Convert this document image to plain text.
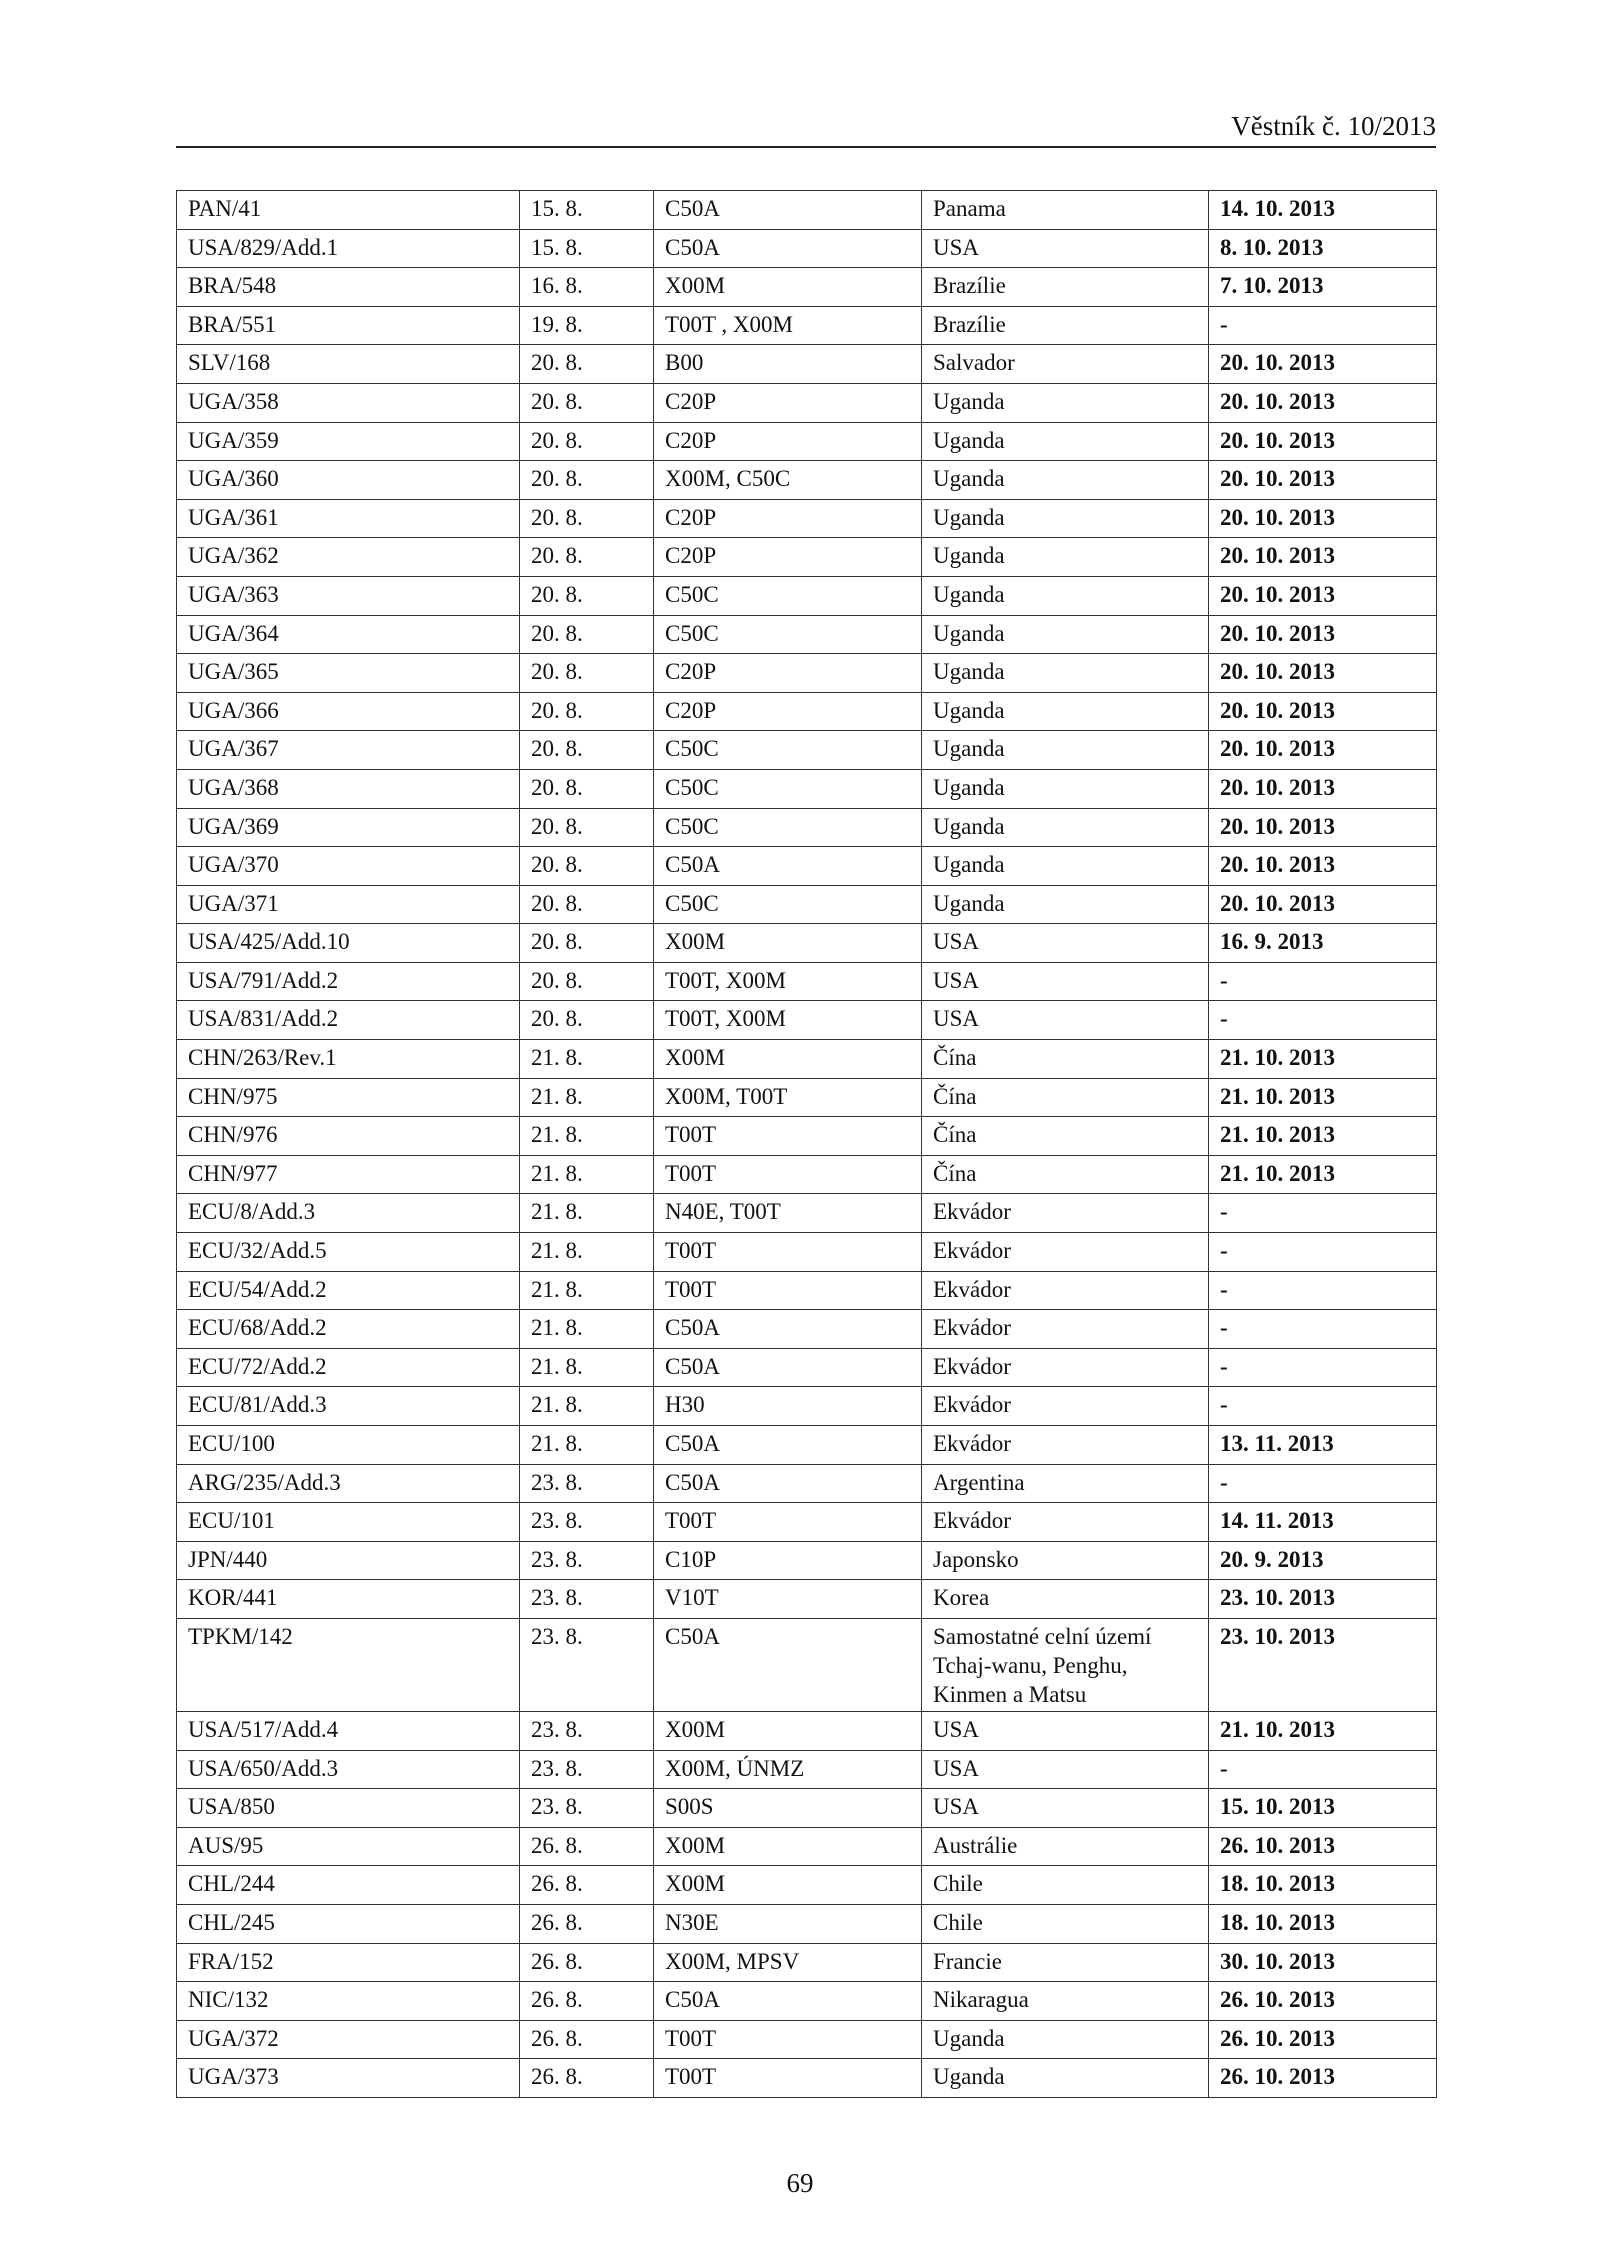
Věstník č. 10/2013
PAN/41	15. 8.	C50A	Panama	14. 10. 2013
USA/829/Add.1	15. 8.	C50A	USA	8. 10. 2013
BRA/548	16. 8.	X00M	Brazílie	7. 10. 2013
BRA/551	19. 8.	T00T , X00M	Brazílie	-
SLV/168	20. 8.	B00	Salvador	20. 10. 2013
UGA/358	20. 8.	C20P	Uganda	20. 10. 2013
UGA/359	20. 8.	C20P	Uganda	20. 10. 2013
UGA/360	20. 8.	X00M, C50C	Uganda	20. 10. 2013
UGA/361	20. 8.	C20P	Uganda	20. 10. 2013
UGA/362	20. 8.	C20P	Uganda	20. 10. 2013
UGA/363	20. 8.	C50C	Uganda	20. 10. 2013
UGA/364	20. 8.	C50C	Uganda	20. 10. 2013
UGA/365	20. 8.	C20P	Uganda	20. 10. 2013
UGA/366	20. 8.	C20P	Uganda	20. 10. 2013
UGA/367	20. 8.	C50C	Uganda	20. 10. 2013
UGA/368	20. 8.	C50C	Uganda	20. 10. 2013
UGA/369	20. 8.	C50C	Uganda	20. 10. 2013
UGA/370	20. 8.	C50A	Uganda	20. 10. 2013
UGA/371	20. 8.	C50C	Uganda	20. 10. 2013
USA/425/Add.10	20. 8.	X00M	USA	16. 9. 2013
USA/791/Add.2	20. 8.	T00T, X00M	USA	-
USA/831/Add.2	20. 8.	T00T, X00M	USA	-
CHN/263/Rev.1	21. 8.	X00M	Čína	21. 10. 2013
CHN/975	21. 8.	X00M, T00T	Čína	21. 10. 2013
CHN/976	21. 8.	T00T	Čína	21. 10. 2013
CHN/977	21. 8.	T00T	Čína	21. 10. 2013
ECU/8/Add.3	21. 8.	N40E, T00T	Ekvádor	-
ECU/32/Add.5	21. 8.	T00T	Ekvádor	-
ECU/54/Add.2	21. 8.	T00T	Ekvádor	-
ECU/68/Add.2	21. 8.	C50A	Ekvádor	-
ECU/72/Add.2	21. 8.	C50A	Ekvádor	-
ECU/81/Add.3	21. 8.	H30	Ekvádor	-
ECU/100	21. 8.	C50A	Ekvádor	13. 11. 2013
ARG/235/Add.3	23. 8.	C50A	Argentina	-
ECU/101	23. 8.	T00T	Ekvádor	14. 11. 2013
JPN/440	23. 8.	C10P	Japonsko	20. 9. 2013
KOR/441	23. 8.	V10T	Korea	23. 10. 2013
TPKM/142	23. 8.	C50A	Samostatné celní území Tchaj-wanu, Penghu, Kinmen a Matsu	23. 10. 2013
USA/517/Add.4	23. 8.	X00M	USA	21. 10. 2013
USA/650/Add.3	23. 8.	X00M, ÚNMZ	USA	-
USA/850	23. 8.	S00S	USA	15. 10. 2013
AUS/95	26. 8.	X00M	Austrálie	26. 10. 2013
CHL/244	26. 8.	X00M	Chile	18. 10. 2013
CHL/245	26. 8.	N30E	Chile	18. 10. 2013
FRA/152	26. 8.	X00M, MPSV	Francie	30. 10. 2013
NIC/132	26. 8.	C50A	Nikaragua	26. 10. 2013
UGA/372	26. 8.	T00T	Uganda	26. 10. 2013
UGA/373	26. 8.	T00T	Uganda	26. 10. 2013
69
